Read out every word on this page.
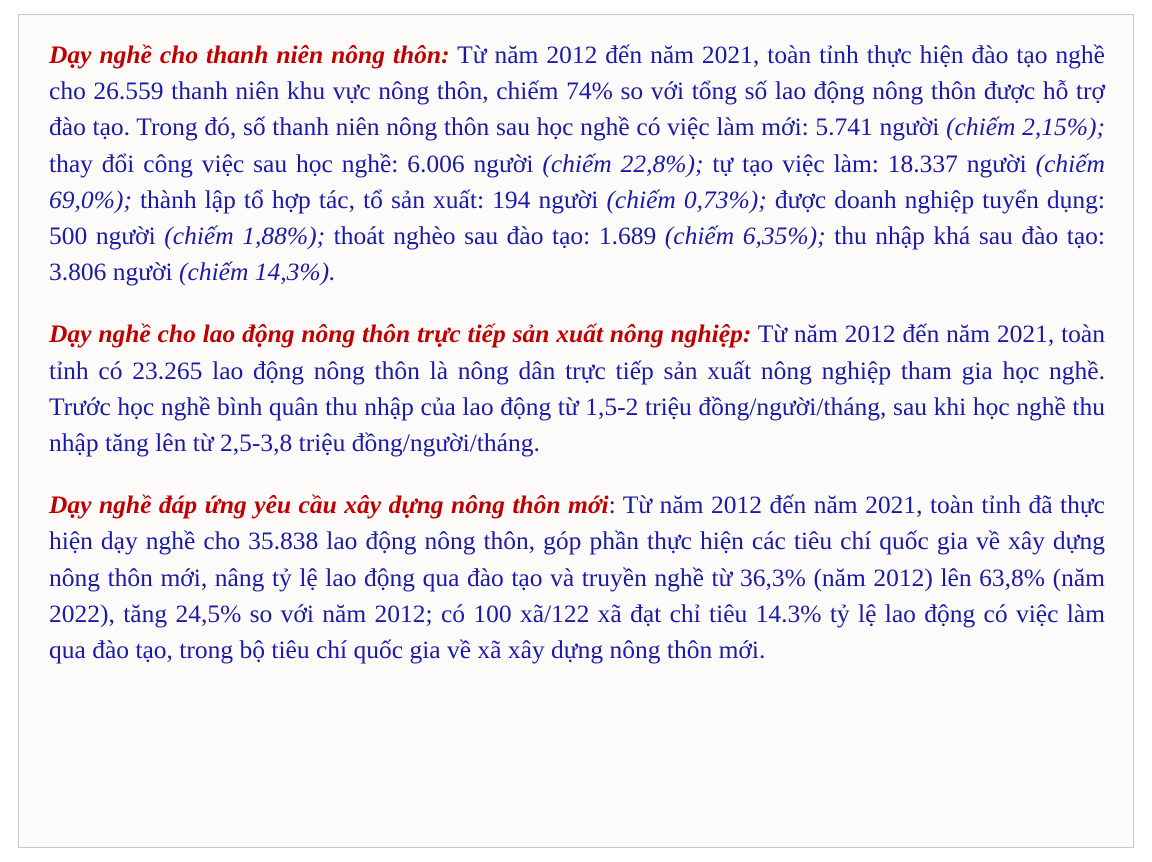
Dạy nghề cho thanh niên nông thôn: Từ năm 2012 đến năm 2021, toàn tỉnh thực hiện đào tạo nghề cho 26.559 thanh niên khu vực nông thôn, chiếm 74% so với tổng số lao động nông thôn được hỗ trợ đào tạo. Trong đó, số thanh niên nông thôn sau học nghề có việc làm mới: 5.741 người (chiếm 2,15%); thay đổi công việc sau học nghề: 6.006 người (chiếm 22,8%); tự tạo việc làm: 18.337 người (chiếm 69,0%); thành lập tổ hợp tác, tổ sản xuất: 194 người (chiếm 0,73%); được doanh nghiệp tuyển dụng: 500 người (chiếm 1,88%); thoát nghèo sau đào tạo: 1.689 (chiếm 6,35%); thu nhập khá sau đào tạo: 3.806 người (chiếm 14,3%).

Dạy nghề cho lao động nông thôn trực tiếp sản xuất nông nghiệp: Từ năm 2012 đến năm 2021, toàn tỉnh có 23.265 lao động nông thôn là nông dân trực tiếp sản xuất nông nghiệp tham gia học nghề. Trước học nghề bình quân thu nhập của lao động từ 1,5-2 triệu đồng/người/tháng, sau khi học nghề thu nhập tăng lên từ 2,5-3,8 triệu đồng/người/tháng.

Dạy nghề đáp ứng yêu cầu xây dựng nông thôn mới: Từ năm 2012 đến năm 2021, toàn tỉnh đã thực hiện dạy nghề cho 35.838 lao động nông thôn, góp phần thực hiện các tiêu chí quốc gia về xây dựng nông thôn mới, nâng tỷ lệ lao động qua đào tạo và truyền nghề từ 36,3% (năm 2012) lên 63,8% (năm 2022), tăng 24,5% so với năm 2012; có 100 xã/122 xã đạt chỉ tiêu 14.3% tỷ lệ lao động có việc làm qua đào tạo, trong bộ tiêu chí quốc gia về xã xây dựng nông thôn mới.
